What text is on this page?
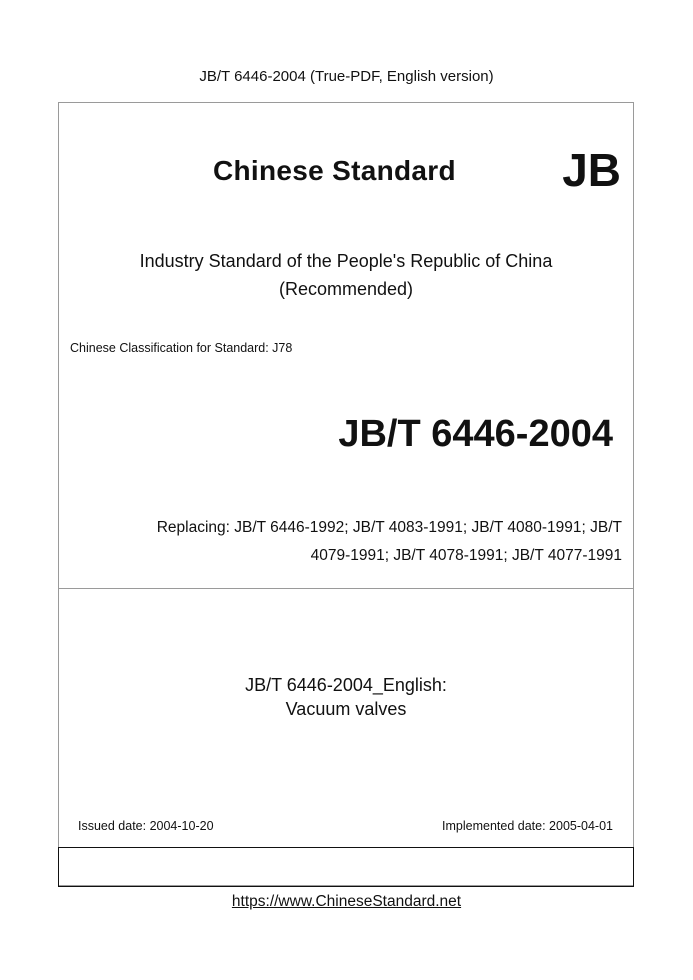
JB/T 6446-2004 (True-PDF, English version)
Chinese Standard JB
Industry Standard of the People's Republic of China
(Recommended)
Chinese Classification for Standard: J78
JB/T 6446-2004
Replacing: JB/T 6446-1992; JB/T 4083-1991; JB/T 4080-1991; JB/T
4079-1991; JB/T 4078-1991; JB/T 4077-1991
JB/T 6446-2004_English:
Vacuum valves
Issued date: 2004-10-20	Implemented date: 2005-04-01
https://www.ChineseStandard.net
